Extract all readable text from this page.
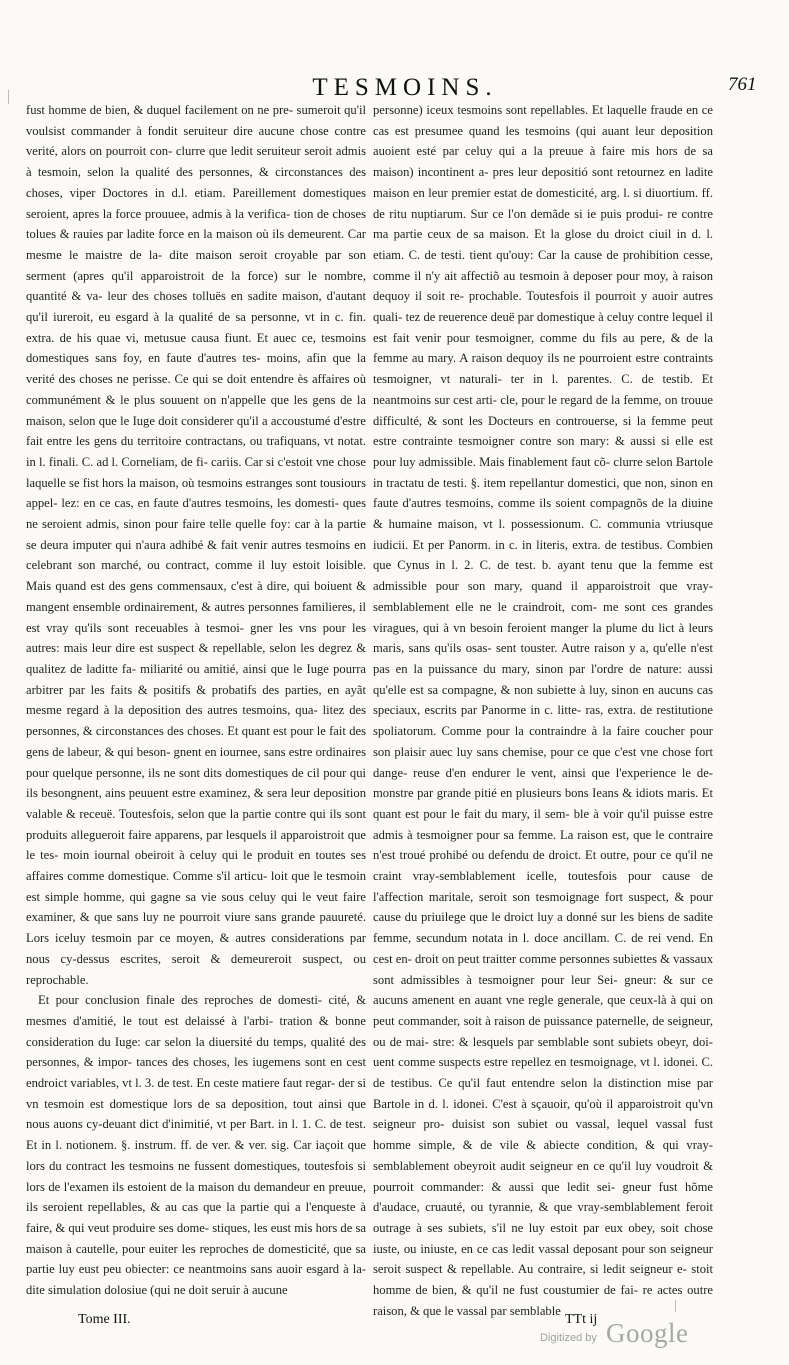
TESMOINS.	761

fust homme de bien, & duquel facilement on ne pre- sumeroit qu'il voulsist commander à fondit seruiteur dire aucune chose contre verité, alors on pourroit con- clurre que ledit seruiteur seroit admis à tesmoin, selon la qualité des personnes, & circonstances des choses, viper Doctores in d.l. etiam. Pareillement domestiques seroient, apres la force prouuee, admis à la verifica- tion de choses tolues & rauies par ladite force en la maison où ils demeurent. Car mesme le maistre de la- dite maison seroit croyable par son serment (apres qu'il apparoistroit de la force) sur le nombre, quantité & va- leur des choses tolluës en sadite maison, d'autant qu'il iureroit, eu esgard à la qualité de sa personne, vt in c. fin. extra. de his quae vi, metusue causa fiunt. Et auec ce, tesmoins domestiques sans foy, en faute d'autres tes- moins, afin que la verité des choses ne perisse. Ce qui se doit entendre ès affaires où communément & le plus souuent on n'appelle que les gens de la maison, selon que le Iuge doit considerer qu'il a accoustumé d'estre fait entre les gens du territoire contractans, ou trafiquans, vt notat. in l. finali. C. ad l. Corneliam, de fi- cariis. Car si c'estoit vne chose laquelle se fist hors la maison, où tesmoins estranges sont tousiours appel- lez: en ce cas, en faute d'autres tesmoins, les domesti- ques ne seroient admis, sinon pour faire telle quelle foy: car à la partie se deura imputer qui n'aura adhibé & fait venir autres tesmoins en celebrant son marché, ou contract, comme il luy estoit loisible. Mais quand est des gens commensaux, c'est à dire, qui boiuent & mangent ensemble ordinairement, & autres personnes familieres, il est vray qu'ils sont receuables à tesmoi- gner les vns pour les autres: mais leur dire est suspect & repellable, selon les degrez & qualitez de laditte fa- miliarité ou amitié, ainsi que le Iuge pourra arbitrer par les faits & positifs & probatifs des parties, en ayãt mesme regard à la deposition des autres tesmoins, qua- litez des personnes, & circonstances des choses. Et quant est pour le fait des gens de labeur, & qui beson- gnent en iournee, sans estre ordinaires pour quelque personne, ils ne sont dits domestiques de cil pour qui ils besongnent, ains peuuent estre examinez, & sera leur deposition valable & receuë. Toutesfois, selon que la partie contre qui ils sont produits allegueroit faire apparens, par lesquels il apparoistroit que le tes- moin iournal obeiroit à celuy qui le produit en toutes ses affaires comme domestique. Comme s'il articu- loit que le tesmoin est simple homme, qui gagne sa vie sous celuy qui le veut faire examiner, & que sans luy ne pourroit viure sans grande pauureté. Lors iceluy tesmoin par ce moyen, & autres considerations par nous cy-dessus escrites, seroit & demeureroit suspect, ou reprochable.

Et pour conclusion finale des reproches de domesti- cité, & mesmes d'amitié, le tout est delaissé à l'arbi- tration & bonne consideration du Iuge: car selon la diuersité du temps, qualité des personnes, & impor- tances des choses, les iugemens sont en cest endroict variables, vt l. 3. de test. En ceste matiere faut regar- der si vn tesmoin est domestique lors de sa deposition, tout ainsi que nous auons cy-deuant dict d'inimitié, vt per Bart. in l. 1. C. de test. Et in l. notionem. §. instrum. ff. de ver. & ver. sig. Car iaçoit que lors du contract les tesmoins ne fussent domestiques, toutesfois si lors de l'examen ils estoient de la maison du demandeur en preuue, ils seroient repellables, & au cas que la partie qui a l'enqueste à faire, & qui veut produire ses dome- stiques, les eust mis hors de sa maison à cautelle, pour euiter les reproches de domesticité, que sa partie luy eust peu obiecter: ce neantmoins sans auoir esgard à la- dite simulation dolosiue (qui ne doit seruir à aucune

personne) iceux tesmoins sont repellables. Et laquelle fraude en ce cas est presumee quand les tesmoins (qui auant leur deposition auoient esté par celuy qui a la preuue à faire mis hors de sa maison) incontinent a- pres leur depositió sont retournez en ladite maison en leur premier estat de domesticité, arg. l. si diuortium. ff. de ritu nuptiarum. Sur ce l'on demãde si ie puis produi- re contre ma partie ceux de sa maison. Et la glose du droict ciuil in d. l. etiam. C. de testi. tient qu'ouy: Car la cause de prohibition cesse, comme il n'y ait affectiõ au tesmoin à deposer pour moy, à raison dequoy il soit re- prochable. Toutesfois il pourroit y auoir autres quali- tez de reuerence deuë par domestique à celuy contre lequel il est fait venir pour tesmoigner, comme du fils au pere, & de la femme au mary. A raison dequoy ils ne pourroient estre contraints tesmoigner, vt naturali- ter in l. parentes. C. de testib. Et neantmoins sur cest arti- cle, pour le regard de la femme, on trouue difficulté, & sont les Docteurs en controuerse, si la femme peut estre contrainte tesmoigner contre son mary: & aussi si elle est pour luy admissible. Mais finablement faut cõ- clurre selon Bartole in tractatu de testi. §. item repellantur domestici, que non, sinon en faute d'autres tesmoins, comme ils soient compagnõs de la diuine & humaine maison, vt l. possessionum. C. communia vtriusque iudicii. Et per Panorm. in c. in literis, extra. de testibus. Combien que Cynus in l. 2. C. de test. b. ayant tenu que la femme est admissible pour son mary, quand il apparoistroit que vray-semblablement elle ne le craindroit, com- me sont ces grandes viragues, qui à vn besoin feroient manger la plume du lict à leurs maris, sans qu'ils osas- sent touster. Autre raison y a, qu'elle n'est pas en la puissance du mary, sinon par l'ordre de nature: aussi qu'elle est sa compagne, & non subiette à luy, sinon en aucuns cas speciaux, escrits par Panorme in c. litte- ras, extra. de restitutione spoliatorum. Comme pour la contraindre à la faire coucher pour son plaisir auec luy sans chemise, pour ce que c'est vne chose fort dange- reuse d'en endurer le vent, ainsi que l'experience le de- monstre par grande pitié en plusieurs bons Ieans & idiots maris. Et quant est pour le fait du mary, il sem- ble à voir qu'il puisse estre admis à tesmoigner pour sa femme. La raison est, que le contraire n'est troué prohibé ou defendu de droict. Et outre, pour ce qu'il ne craint vray-semblablement icelle, toutesfois pour cause de l'affection maritale, seroit son tesmoignage fort suspect, & pour cause du priuilege que le droict luy a donné sur les biens de sadite femme, secundum notata in l. doce ancillam. C. de rei vend. En cest en- droit on peut traitter comme personnes subiettes & vassaux sont admissibles à tesmoigner pour leur Sei- gneur: & sur ce aucuns amenent en auant vne regle generale, que ceux-là à qui on peut commander, soit à raison de puissance paternelle, de seigneur, ou de mai- stre: & lesquels par semblable sont subiets obeyr, doi- uent comme suspects estre repellez en tesmoignage, vt l. idonei. C. de testibus. Ce qu'il faut entendre selon la distinction mise par Bartole in d. l. idonei. C'est à sçauoir, qu'où il apparoistroit qu'vn seigneur pro- duisist son subiet ou vassal, lequel vassal fust homme simple, & de vile & abiecte condition, & qui vray- semblablement obeyroit audit seigneur en ce qu'il luy voudroit & pourroit commander: & aussi que ledit sei- gneur fust hõme d'audace, cruauté, ou tyrannie, & que vray-semblablement feroit outrage à ses subiets, s'il ne luy estoit par eux obey, soit chose iuste, ou iniuste, en ce cas ledit vassal deposant pour son seigneur seroit suspect & repellable. Au contraire, si ledit seigneur e- stoit homme de bien, & qu'il ne fust coustumier de fai- re actes outre raison, & que le vassal par semblable

Tome III.	TTt ij
Digitized by Google
